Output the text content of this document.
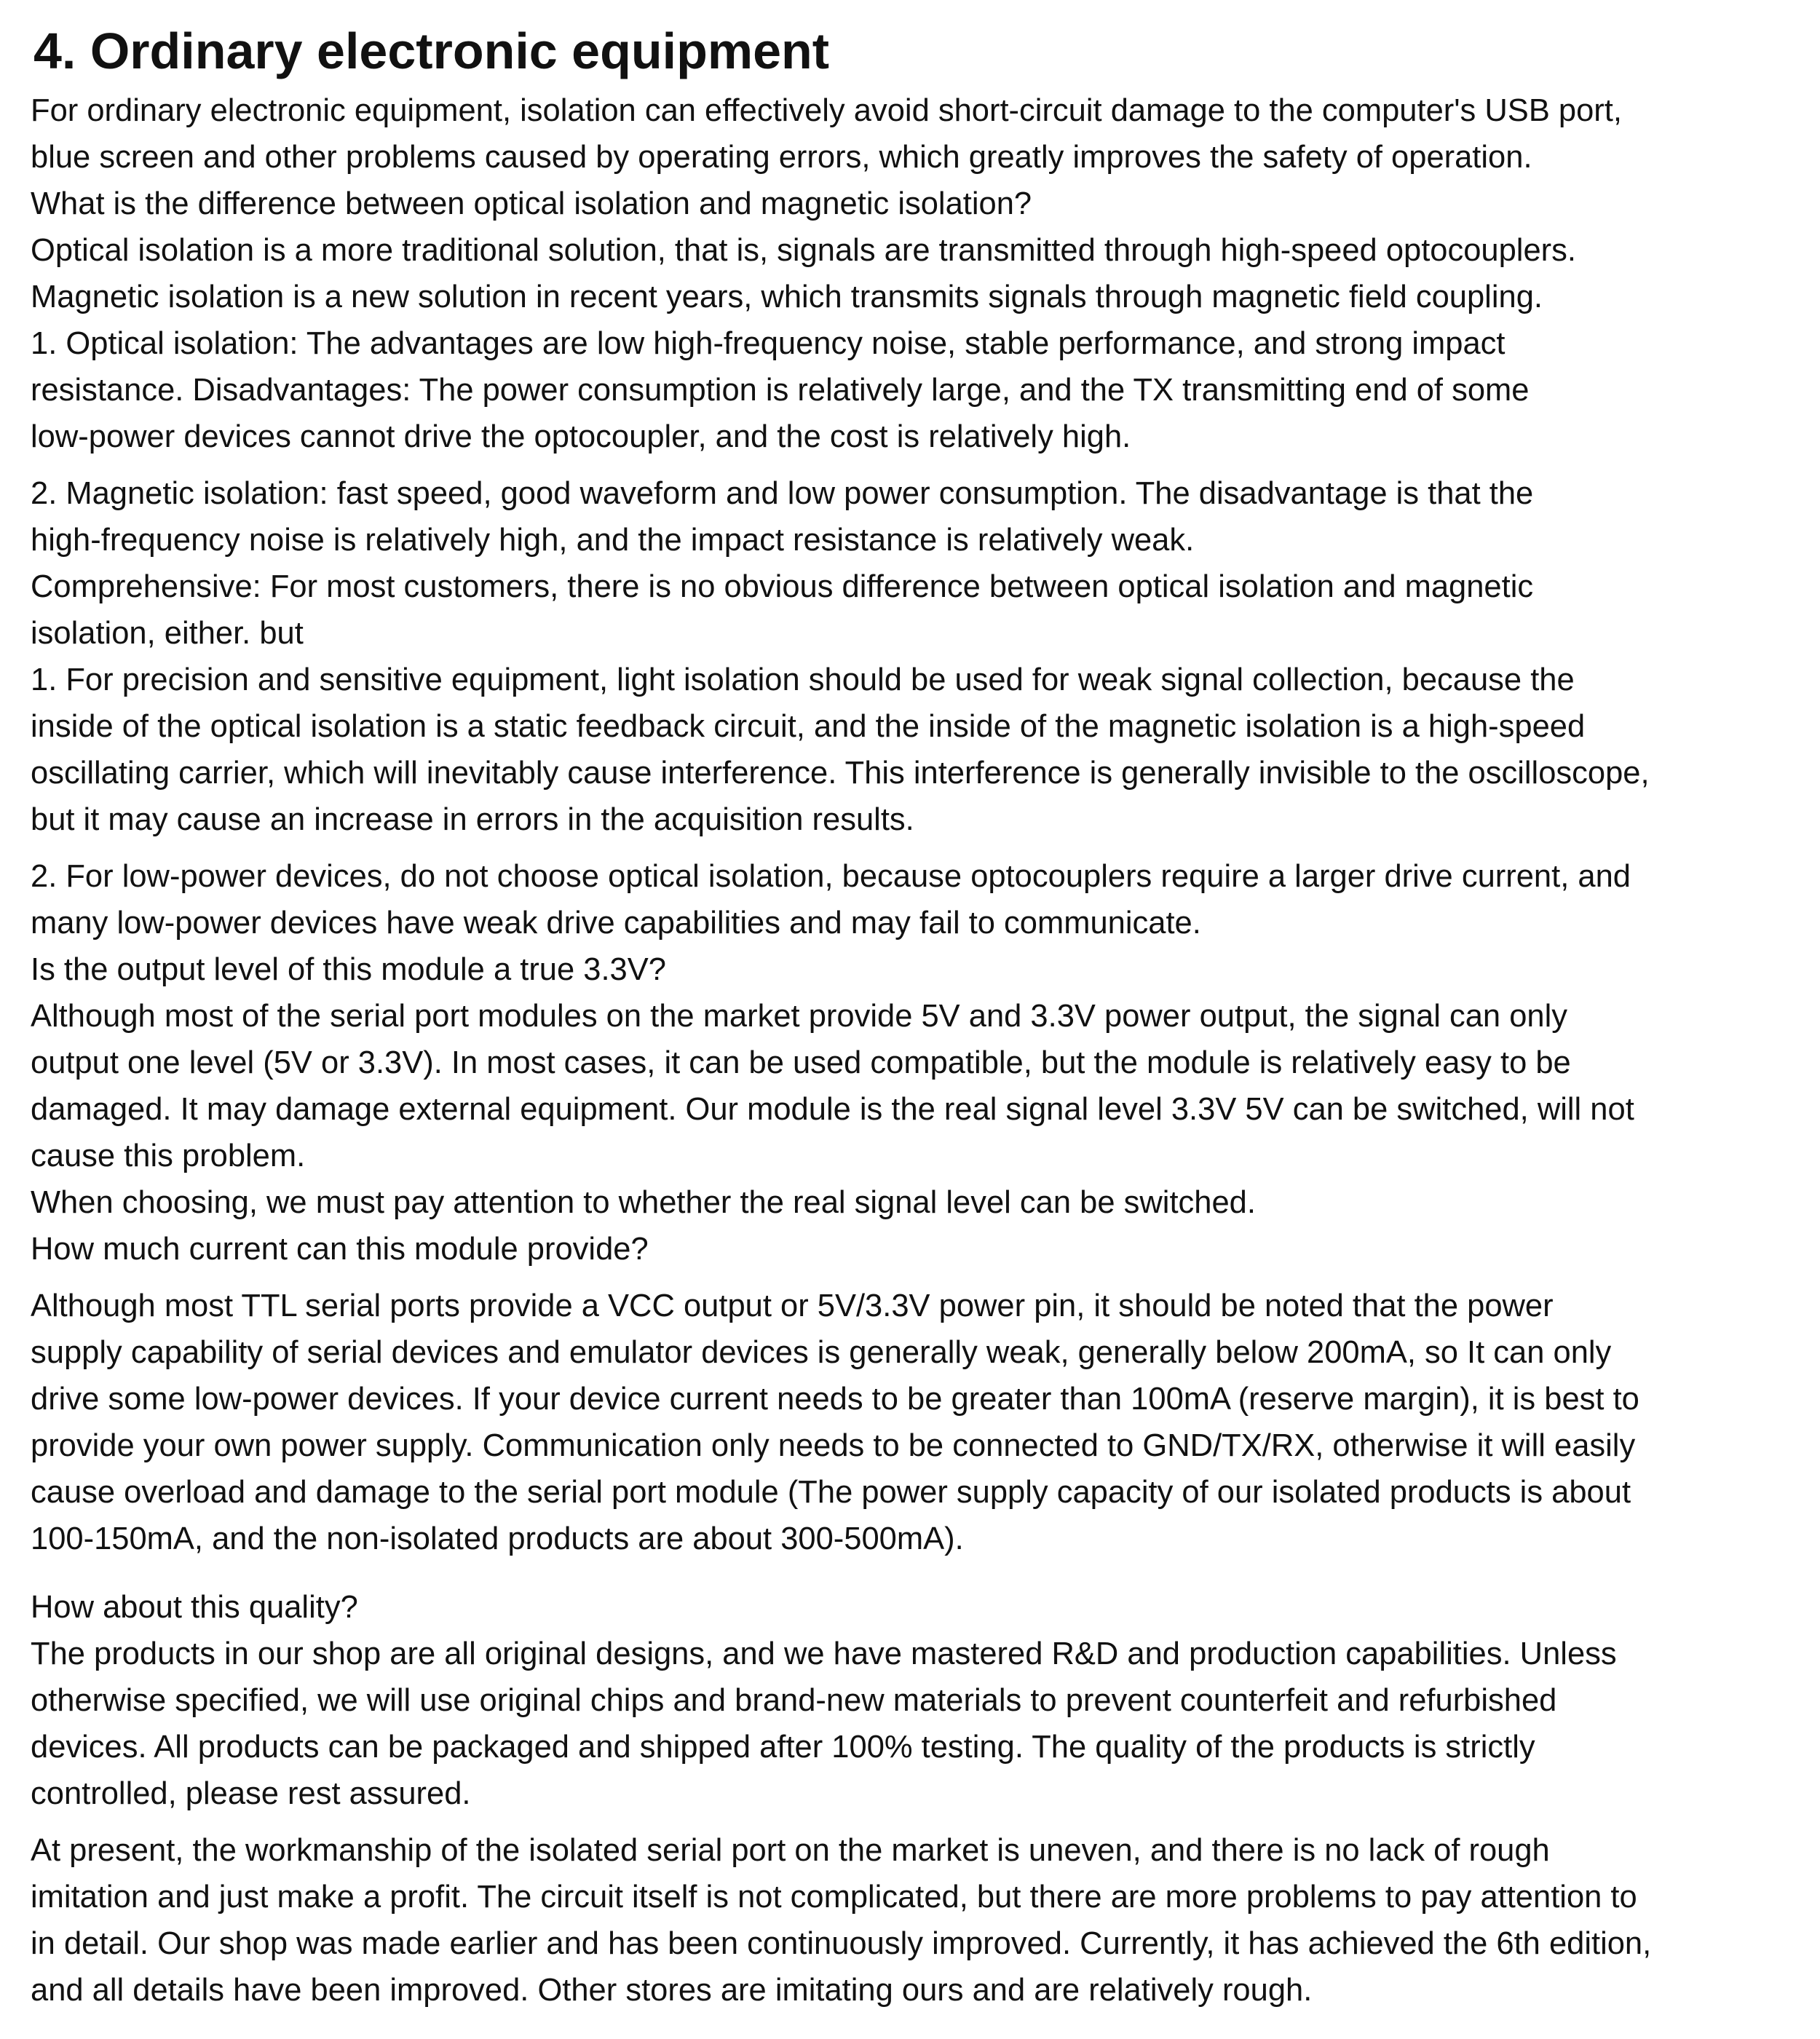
4. Ordinary electronic equipment

For ordinary electronic equipment, isolation can effectively avoid short-circuit damage to the computer's USB port,

blue screen and other problems caused by operating errors, which greatly improves the safety of operation.

What is the difference between optical isolation and magnetic isolation?

Optical isolation is a more traditional solution, that is, signals are transmitted through high-speed optocouplers.

Magnetic isolation is a new solution in recent years, which transmits signals through magnetic field coupling.

1. Optical isolation: The advantages are low high-frequency noise, stable performance, and strong impact

resistance. Disadvantages: The power consumption is relatively large, and the TX transmitting end of some

low-power devices cannot drive the optocoupler, and the cost is relatively high.

2. Magnetic isolation: fast speed, good waveform and low power consumption. The disadvantage is that the

high-frequency noise is relatively high, and the impact resistance is relatively weak.

Comprehensive: For most customers, there is no obvious difference between optical isolation and magnetic

isolation, either. but

1. For precision and sensitive equipment, light isolation should be used for weak signal collection, because the

inside of the optical isolation is a static feedback circuit, and the inside of the magnetic isolation is a high-speed

oscillating carrier, which will inevitably cause interference. This interference is generally invisible to the oscilloscope,

but it may cause an increase in errors in the acquisition results.

2. For low-power devices, do not choose optical isolation, because optocouplers require a larger drive current, and

many low-power devices have weak drive capabilities and may fail to communicate.

Is the output level of this module a true 3.3V?

Although most of the serial port modules on the market provide 5V and 3.3V power output, the signal can only

output one level (5V or 3.3V). In most cases, it can be used compatible, but the module is relatively easy to be

damaged. It may damage external equipment. Our module is the real signal level 3.3V 5V can be switched, will not

cause this problem.

When choosing, we must pay attention to whether the real signal level can be switched.

How much current can this module provide?

Although most TTL serial ports provide a VCC output or 5V/3.3V power pin, it should be noted that the power

supply capability of serial devices and emulator devices is generally weak, generally below 200mA, so It can only

drive some low-power devices. If your device current needs to be greater than 100mA (reserve margin), it is best to

provide your own power supply. Communication only needs to be connected to GND/TX/RX, otherwise it will easily

cause overload and damage to the serial port module (The power supply capacity of our isolated products is about

100-150mA, and the non-isolated products are about 300-500mA).

How about this quality?

The products in our shop are all original designs, and we have mastered R&D and production capabilities. Unless

otherwise specified, we will use original chips and brand-new materials to prevent counterfeit and refurbished

devices. All products can be packaged and shipped after 100% testing. The quality of the products is strictly

controlled, please rest assured.

At present, the workmanship of the isolated serial port on the market is uneven, and there is no lack of rough

imitation and just make a profit. The circuit itself is not complicated, but there are more problems to pay attention to

in detail. Our shop was made earlier and has been continuously improved. Currently, it has achieved the 6th edition,

and all details have been improved. Other stores are imitating ours and are relatively rough.
